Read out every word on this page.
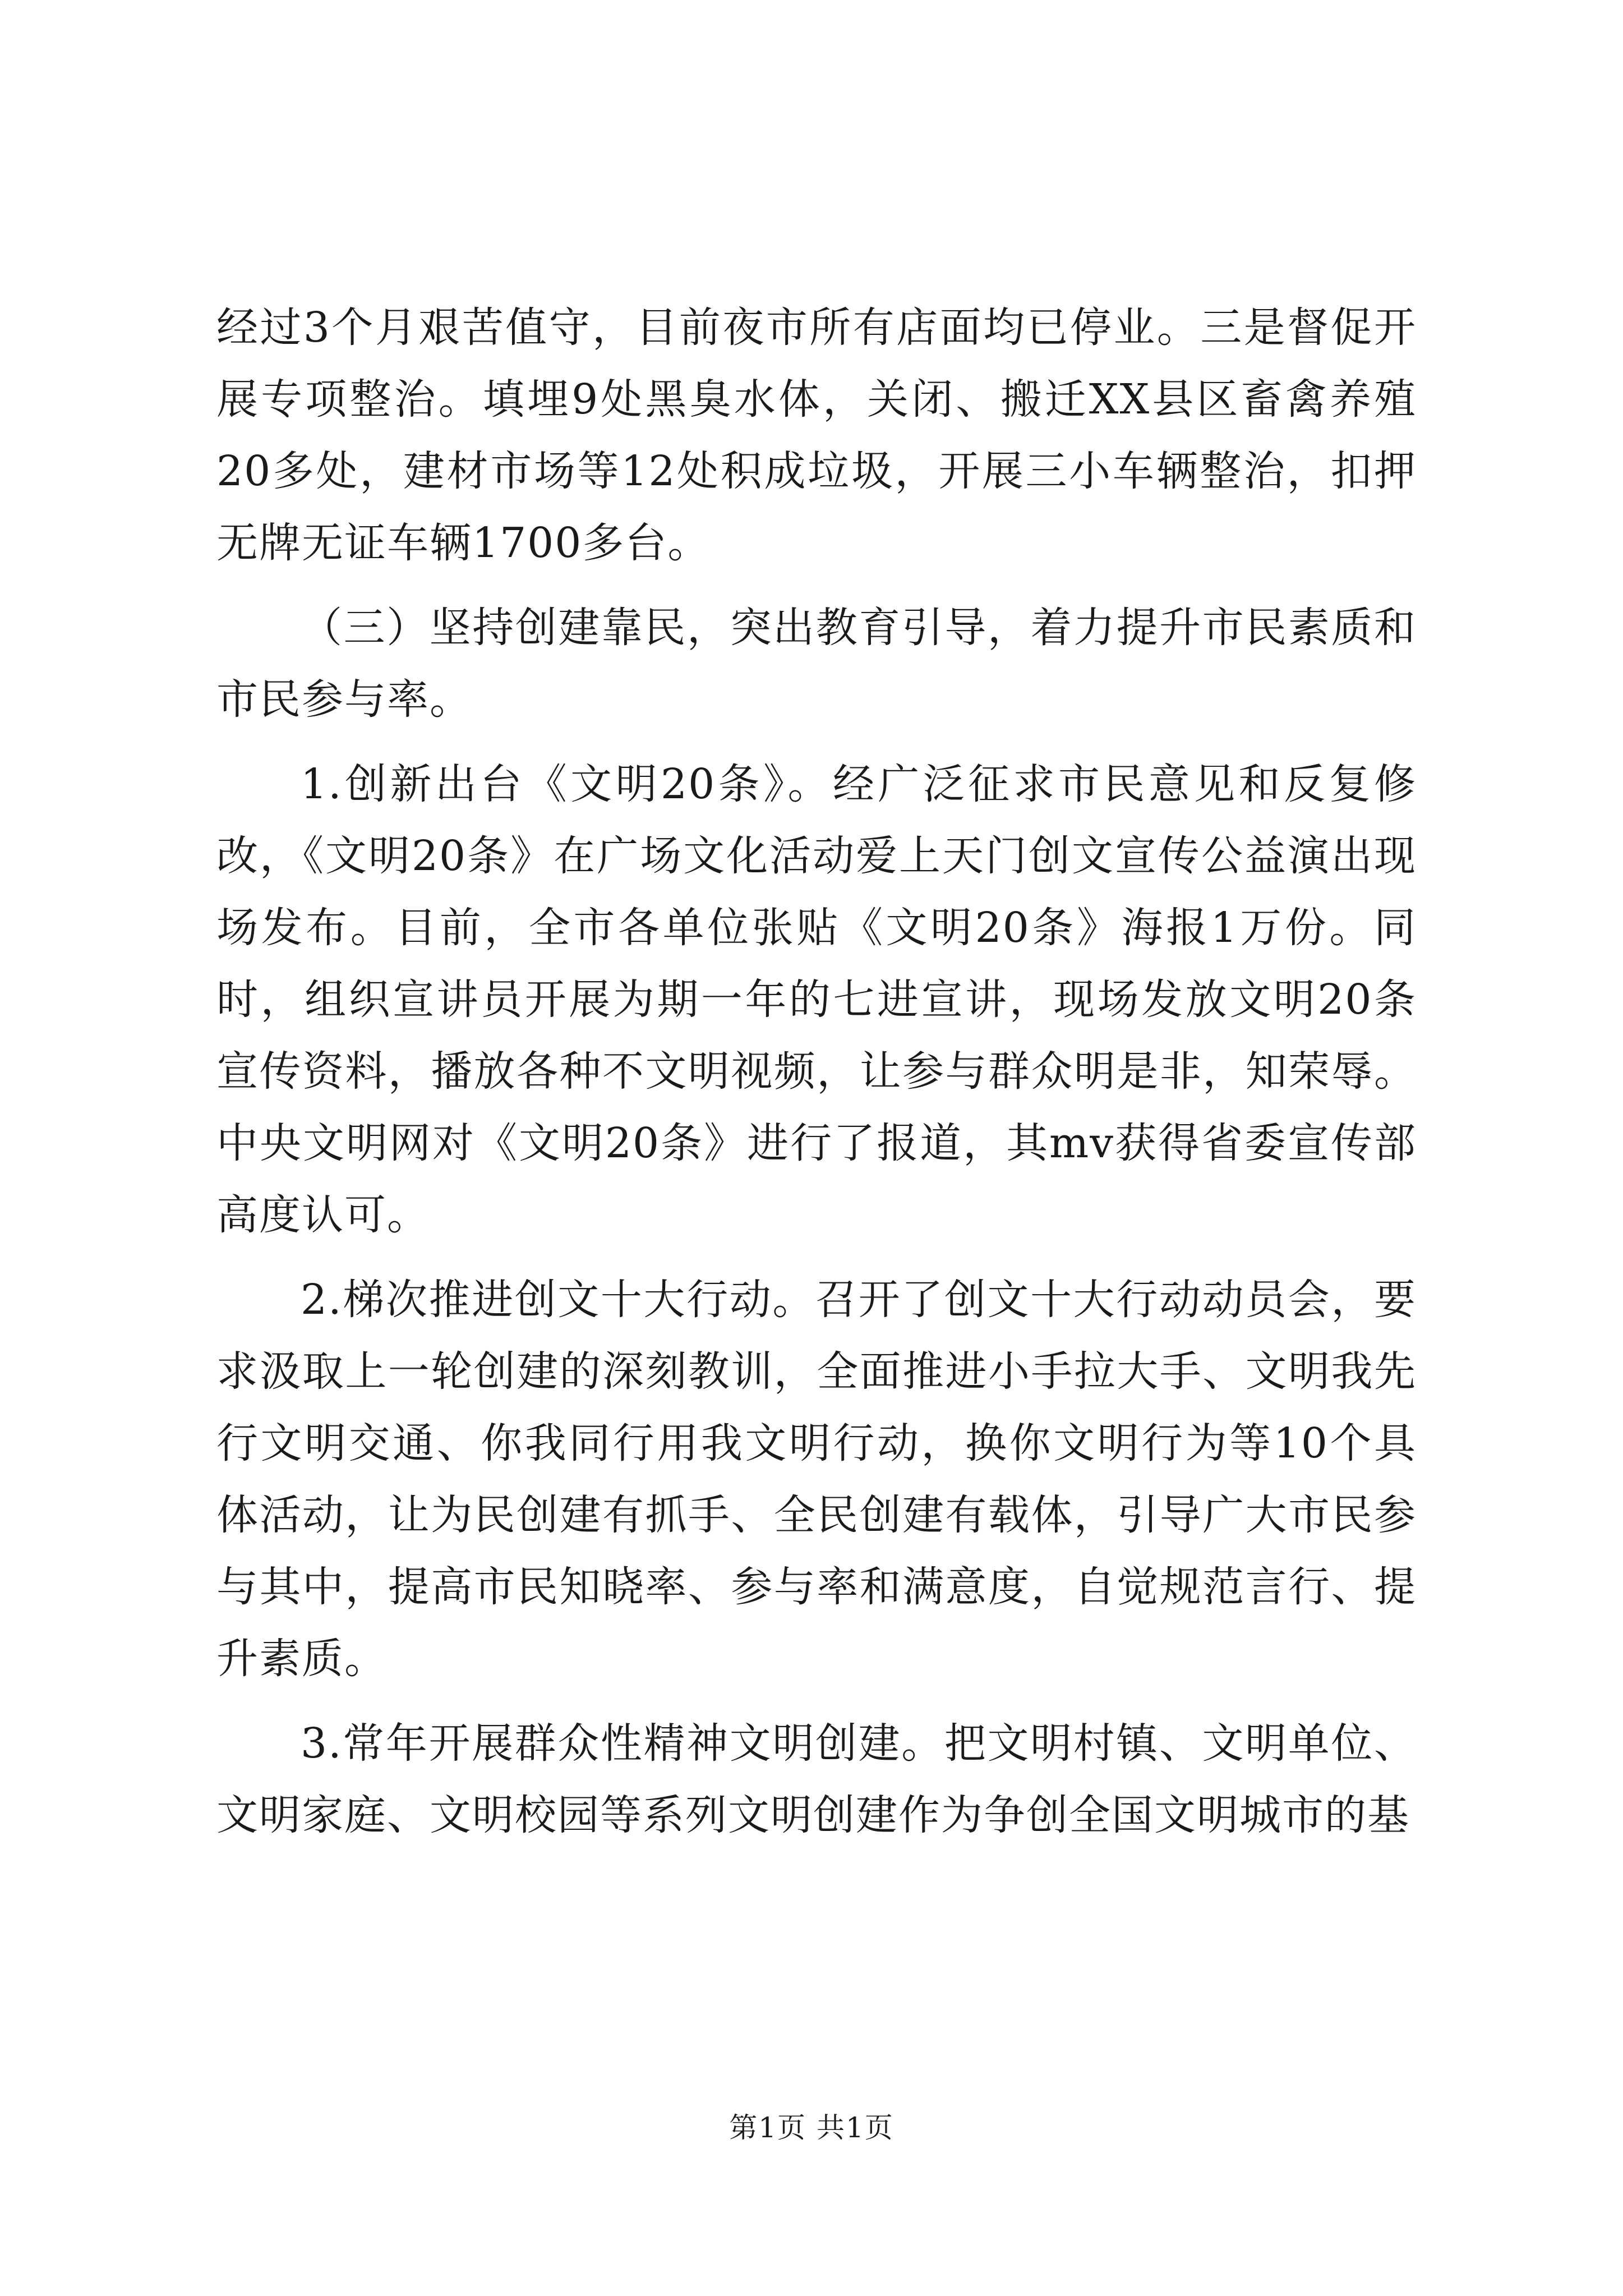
经过3个月艰苦值守，目前夜市所有店面均已停业。三是督促开展专项整治。填埋9处黑臭水体，关闭、搬迁XX县区畜禽养殖20多处，建材市场等12处积成垃圾，开展三小车辆整治，扣押无牌无证车辆1700多台。

（三）坚持创建靠民，突出教育引导，着力提升市民素质和市民参与率。

1.创新出台《文明20条》。经广泛征求市民意见和反复修改，《文明20条》在广场文化活动爱上天门创文宣传公益演出现场发布。目前，全市各单位张贴《文明20条》海报1万份。同时，组织宣讲员开展为期一年的七进宣讲，现场发放文明20条宣传资料，播放各种不文明视频，让参与群众明是非，知荣辱。中央文明网对《文明20条》进行了报道，其mv获得省委宣传部高度认可。

2.梯次推进创文十大行动。召开了创文十大行动动员会，要求汲取上一轮创建的深刻教训，全面推进小手拉大手、文明我先行文明交通、你我同行用我文明行动，换你文明行为等10个具体活动，让为民创建有抓手、全民创建有载体，引导广大市民参与其中，提高市民知晓率、参与率和满意度，自觉规范言行、提升素质。

3.常年开展群众性精神文明创建。把文明村镇、文明单位、文明家庭、文明校园等系列文明创建作为争创全国文明城市的基

第1页 共1页
